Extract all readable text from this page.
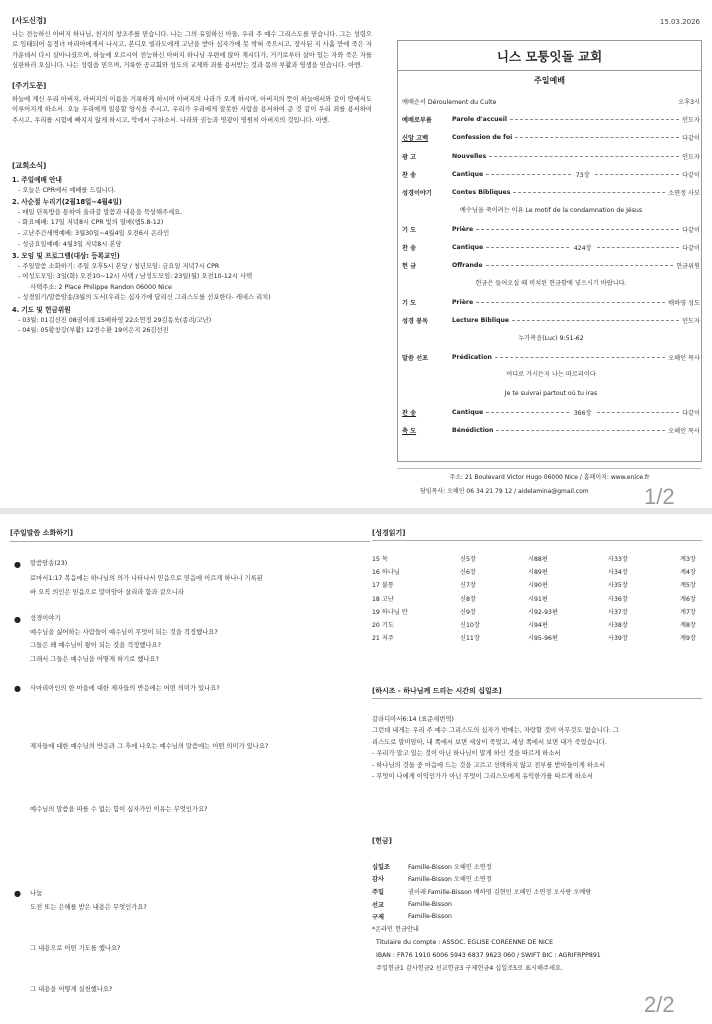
15.03.2026
[사도신경]
나는 전능하신 아버지 하나님, 천지의 창조주를 믿습니다. 나는 그의 유일하신 아들, 우리 주 예수 그리스도를 믿습니다. 그는 성령으로 잉태되어 동정녀 마리아에게서 나시고, 본디오 빌라도에게 고난을 받아 십자가에 못 박혀 죽으시고, 장사된 지 사흘 만에 죽은 자 가운데서 다시 살아나셨으며, 하늘에 오르시어 전능하신 아버지 하나님 우편에 앉아 계시다가, 거기로부터 살아 있는 자와 죽은 자를 심판하러 오십니다. 나는 성령을 믿으며, 거룩한 공교회와 성도의 교제와 죄를 용서받는 것과 몸의 부활과 영생을 믿습니다. 아멘.
[주기도문]
하늘에 계신 우리 아버지, 아버지의 이름을 거룩하게 하시며 아버지의 나라가 오게 하시며, 아버지의 뜻이 하늘에서와 같이 땅에서도 이루어지게 하소서. 오늘 우리에게 일용할 양식을 주시고, 우리가 우리에게 잘못한 사람을 용서하여 준 것 같이 우리 죄를 용서하여 주시고, 우리를 시험에 빠지지 않게 하시고, 악에서 구하소서. 나라와 권능과 영광이 영원히 아버지의 것입니다. 아멘.
[교회소식]
1. 주일예배 안내
- 오늘은 CPR에서 예배를 드립니다.
2. 사순절 누리기(2월18일~4월4일)
- 매일 단톡방을 통하여 올라갈 말씀과 내용을 묵상해주세요.
- 화요예배: 17일 저녁8시 CPR 빛의 열매(엡5.8-12)
- 고난주간새벽예배: 3월30일~4월4일 오전6시 온라인
- 성금요일예배: 4월3일 저녁8시 본당
3. 모임 및 프로그램(대상: 등록교인)
- 주일말씀 소화하기: 주일 오후5시 본당 / 청년모임: 금요일 저녁7시 CPR
- 여성도모임: 3일(화) 오전10~12시 사택 / 남성도모임: 23일(월) 오전10-12시 사택
사택주소: 2 Place Philippe Randon 06000 Nice
- 성경읽기/말씀암송/3월의 도서(우리는 십자가에 달리신 그리스도를 선포한다- 캐네스 리치)
4. 기도 및 헌금위원
- 03월: 01김선진 08권이레 15배하영 22소연정 29김동욱(종려/고난)
- 04월: 05황창강(부활) 12전수환 19이은지 26김선진
니스 모퉁잇돌 교회
주일예배
예배순서 Déroulement du Culte	오후3시
예배로부름	Parole d'accueil	인도자
신앙 고백	Confession de foi	다같이
광 고	Nouvelles	인도자
찬 송	Cantique	73장	다같이
성경이야기	Contes Bibliques	소연정 사모
예수님을 죽이려는 이유 Le motif de la condamnation de Jésus
기 도	Prière	다같이
찬 송	Cantique	424장	다같이
헌 금	Offrande	헌금위원
헌금은 들어오실 때 비치된 헌금함에 넣으시기 바랍니다.
기 도	Prière	배하영 성도
성경 봉독	Lecture Biblique	인도자
누가복음(Luc) 9:51-62
말씀 선포	Prédication	오해인 목사
어디로 가시든지 나는 따르리이다
Je te suivrai partout où tu iras
찬 송	Cantique	366장	다같이
축 도	Bénédiction	오해인 목사
주소: 21 Boulevard Victor Hugo 06000 Nice / 홈페이지: www.enice.fr
담임목사: 오해인 06 34 21 79 12 / aidelamina@gmail.com	1/2
[주일말씀 소화하기]
● 말씀암송(23)
로마서1:17 복음에는 하나님의 의가 나타나서 믿음으로 믿음에 이르게 하나니 기록된
바 오직 의인은 믿음으로 말미암아 살리라 함과 같으니라
● 성경이야기
예수님을 싫어하는 사람들이 예수님이 무엇이 되는 것을 걱정했나요?
그들은 왜 예수님이 왕이 되는 것을 걱정했나요?
그래서 그들은 예수님을 어떻게 하기로 했나요?
● 사마리아인의 한 마을에 대한 제자들의 반응에는 어떤 의미가 있나요?
제자들에 대한 예수님의 반응과 그 후에 나오는 예수님의 말씀에는 어떤 의미가 있나요?
예수님의 말씀을 따를 수 없는 힘이 십자가인 이유는 무엇인가요?
● 나눔
도전 또는 은혜를 받은 내용은 무엇인가요?
그 내용으로 어떤 기도를 했나요?
그 내용을 어떻게 실천했나요?
[성경읽기]
15 목	신5장	시88편	사33장	계3장
16 하나님	신6장	시89편	사34장	계4장
17 불통	신7장	시90편	사35장	계5장
18 고난	신8장	시91편	사36장	계6장
19 하나님 안	신9장	시92-93편	사37장	계7장
20 기도	신10장	시94편	사38장	계8장
21 저주	신11장	시95-96편	사39장	계9장
[하시조 - 하나님께 드리는 시간의 십일조]
갈라디아서6:14 (표준새번역)
그런데 내게는 우리 주 예수 그리스도의 십자가 밖에는, 자랑할 것이 아무것도 없습니다. 그
리스도로 말미암아, 내 쪽에서 보면 세상이 죽었고, 세상 쪽에서 보면 내가 죽었습니다.
- 우리가 말고 있는 것이 아닌 하나님이 말게 하신 것을 따르게 하소서
- 하나님의 것들 중 마음에 드는 것을 고르고 선택하지 않고 전부를 받아들이게 하소서
- 무엇이 나에게 이익인가가 아닌 무엇이 그리스도에게 유익한가를 따르게 하소서
[헌금]
십일조	Famille-Bisson 오해인 소연정
감사	Famille-Bisson 오해인 소연정
주일	권이레 Famille-Bisson 배하영 김현민 오해인 소연정 오사랑 오예랑
선교	Famille-Bisson
구제	Famille-Bisson
*온라인 헌금안내
Titulaire du compte : ASSOC. EGLISE COREENNE DE NICE
IBAN : FR76 1910 6006 5943 6837 9623 060 / SWIFT BIC : AGRIFRPP891
주일헌금1 감사헌금2 선교헌금3 구제헌금4 십일조5로 표시해주세요.
2/2
